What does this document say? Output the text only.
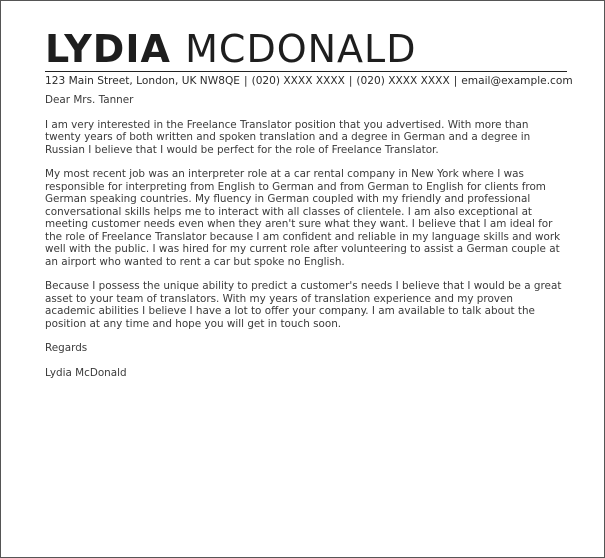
LYDIA MCDONALD
123 Main Street, London, UK NW8QE | (020) XXXX XXXX | (020) XXXX XXXX | email@example.com

Dear Mrs. Tanner

I am very interested in the Freelance Translator position that you advertised. With more than twenty years of both written and spoken translation and a degree in German and a degree in Russian I believe that I would be perfect for the role of Freelance Translator.

My most recent job was an interpreter role at a car rental company in New York where I was responsible for interpreting from English to German and from German to English for clients from German speaking countries. My fluency in German coupled with my friendly and professional conversational skills helps me to interact with all classes of clientele. I am also exceptional at meeting customer needs even when they aren't sure what they want. I believe that I am ideal for the role of Freelance Translator because I am confident and reliable in my language skills and work well with the public. I was hired for my current role after volunteering to assist a German couple at an airport who wanted to rent a car but spoke no English.

Because I possess the unique ability to predict a customer's needs I believe that I would be a great asset to your team of translators. With my years of translation experience and my proven academic abilities I believe I have a lot to offer your company. I am available to talk about the position at any time and hope you will get in touch soon.

Regards

Lydia McDonald
